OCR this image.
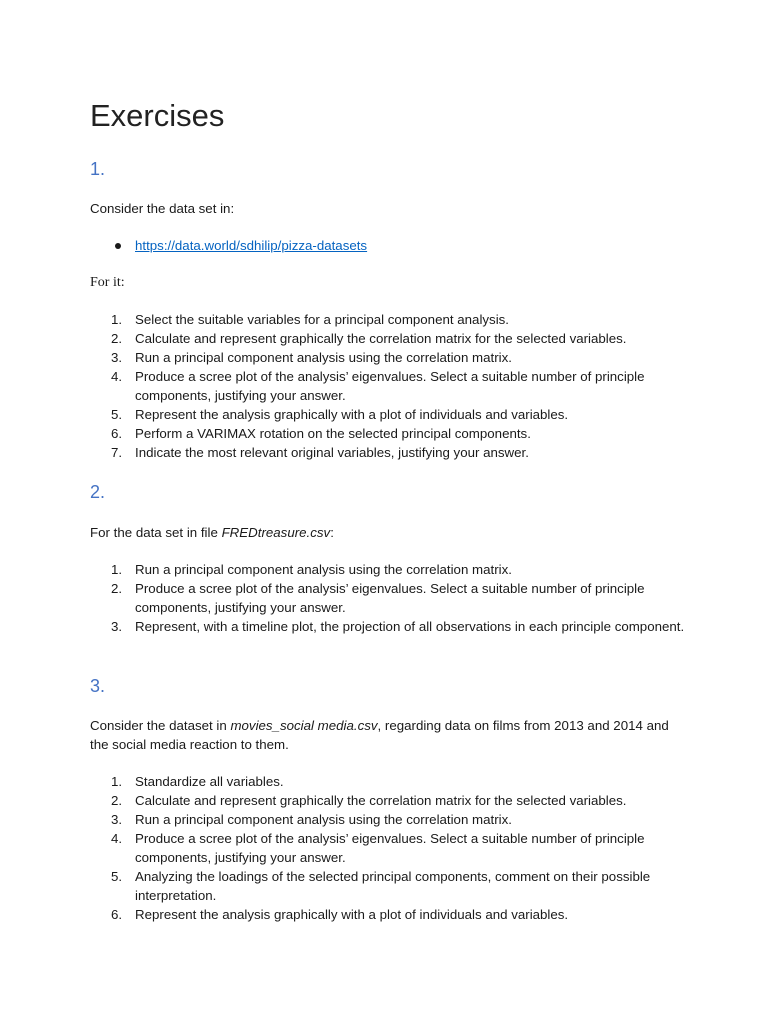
Exercises
1.

Consider the data set in:

https://data.world/sdhilip/pizza-datasets

For it:

1. Select the suitable variables for a principal component analysis.
2. Calculate and represent graphically the correlation matrix for the selected variables.
3. Run a principal component analysis using the correlation matrix.
4. Produce a scree plot of the analysis’ eigenvalues. Select a suitable number of principle components, justifying your answer.
5. Represent the analysis graphically with a plot of individuals and variables.
6. Perform a VARIMAX rotation on the selected principal components.
7. Indicate the most relevant original variables, justifying your answer.
2.

For the data set in file FREDtreasure.csv:

1. Run a principal component analysis using the correlation matrix.
2. Produce a scree plot of the analysis’ eigenvalues. Select a suitable number of principle components, justifying your answer.
3. Represent, with a timeline plot, the projection of all observations in each principle component.
3.

Consider the dataset in movies_social media.csv, regarding data on films from 2013 and 2014 and the social media reaction to them.

1. Standardize all variables.
2. Calculate and represent graphically the correlation matrix for the selected variables.
3. Run a principal component analysis using the correlation matrix.
4. Produce a scree plot of the analysis’ eigenvalues. Select a suitable number of principle components, justifying your answer.
5. Analyzing the loadings of the selected principal components, comment on their possible interpretation.
6. Represent the analysis graphically with a plot of individuals and variables.
